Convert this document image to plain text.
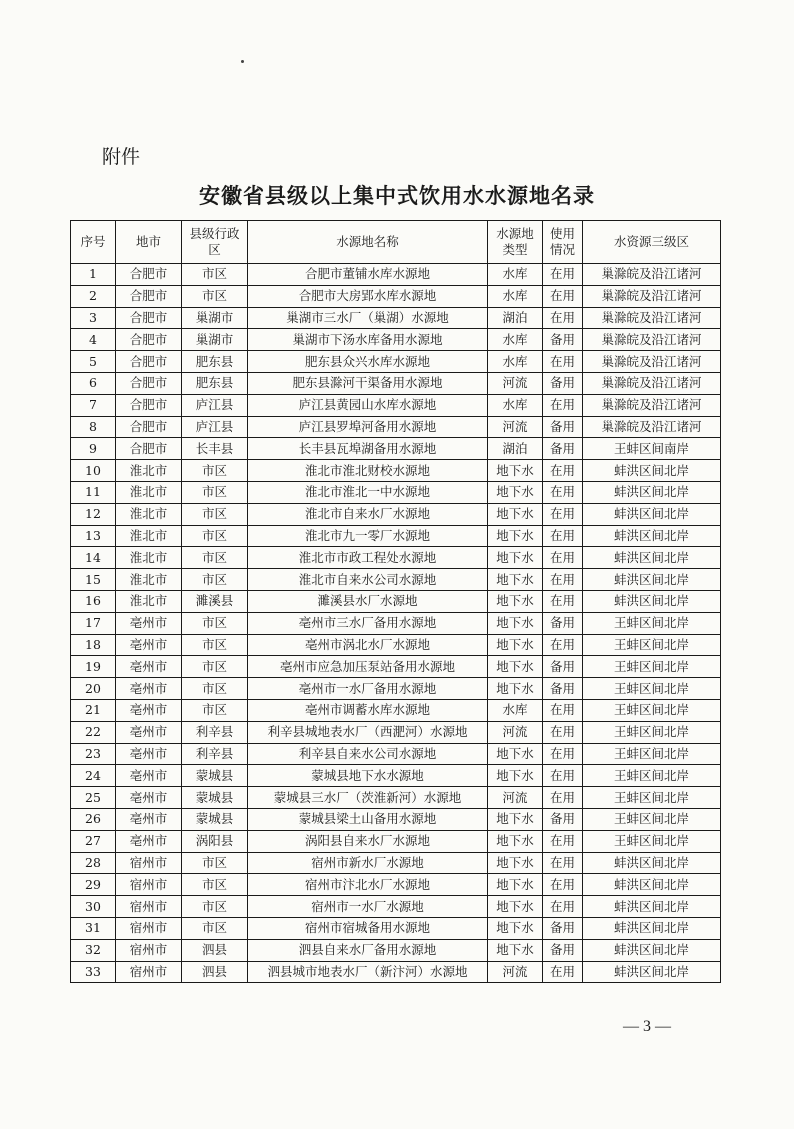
附件
安徽省县级以上集中式饮用水水源地名录
序号	地市	县级行政区	水源地名称	水源地类型	使用情况	水资源三级区
1	合肥市	市区	合肥市董铺水库水源地	水库	在用	巢滁皖及沿江诸河
2	合肥市	市区	合肥市大房郢水库水源地	水库	在用	巢滁皖及沿江诸河
3	合肥市	巢湖市	巢湖市三水厂（巢湖）水源地	湖泊	在用	巢滁皖及沿江诸河
4	合肥市	巢湖市	巢湖市下汤水库备用水源地	水库	备用	巢滁皖及沿江诸河
5	合肥市	肥东县	肥东县众兴水库水源地	水库	在用	巢滁皖及沿江诸河
6	合肥市	肥东县	肥东县滁河干渠备用水源地	河流	备用	巢滁皖及沿江诸河
7	合肥市	庐江县	庐江县黄园山水库水源地	水库	在用	巢滁皖及沿江诸河
8	合肥市	庐江县	庐江县罗埠河备用水源地	河流	备用	巢滁皖及沿江诸河
9	合肥市	长丰县	长丰县瓦埠湖备用水源地	湖泊	备用	王蚌区间南岸
10	淮北市	市区	淮北市淮北财校水源地	地下水	在用	蚌洪区间北岸
11	淮北市	市区	淮北市淮北一中水源地	地下水	在用	蚌洪区间北岸
12	淮北市	市区	淮北市自来水厂水源地	地下水	在用	蚌洪区间北岸
13	淮北市	市区	淮北市九一零厂水源地	地下水	在用	蚌洪区间北岸
14	淮北市	市区	淮北市市政工程处水源地	地下水	在用	蚌洪区间北岸
15	淮北市	市区	淮北市自来水公司水源地	地下水	在用	蚌洪区间北岸
16	淮北市	濉溪县	濉溪县水厂水源地	地下水	在用	蚌洪区间北岸
17	亳州市	市区	亳州市三水厂备用水源地	地下水	备用	王蚌区间北岸
18	亳州市	市区	亳州市涡北水厂水源地	地下水	在用	王蚌区间北岸
19	亳州市	市区	亳州市应急加压泵站备用水源地	地下水	备用	王蚌区间北岸
20	亳州市	市区	亳州市一水厂备用水源地	地下水	备用	王蚌区间北岸
21	亳州市	市区	亳州市调蓄水库水源地	水库	在用	王蚌区间北岸
22	亳州市	利辛县	利辛县城地表水厂（西淝河）水源地	河流	在用	王蚌区间北岸
23	亳州市	利辛县	利辛县自来水公司水源地	地下水	在用	王蚌区间北岸
24	亳州市	蒙城县	蒙城县地下水水源地	地下水	在用	王蚌区间北岸
25	亳州市	蒙城县	蒙城县三水厂（茨淮新河）水源地	河流	在用	王蚌区间北岸
26	亳州市	蒙城县	蒙城县梁土山备用水源地	地下水	备用	王蚌区间北岸
27	亳州市	涡阳县	涡阳县自来水厂水源地	地下水	在用	王蚌区间北岸
28	宿州市	市区	宿州市新水厂水源地	地下水	在用	蚌洪区间北岸
29	宿州市	市区	宿州市汴北水厂水源地	地下水	在用	蚌洪区间北岸
30	宿州市	市区	宿州市一水厂水源地	地下水	在用	蚌洪区间北岸
31	宿州市	市区	宿州市宿城备用水源地	地下水	备用	蚌洪区间北岸
32	宿州市	泗县	泗县自来水厂备用水源地	地下水	备用	蚌洪区间北岸
33	宿州市	泗县	泗县城市地表水厂（新汴河）水源地	河流	在用	蚌洪区间北岸
— 3 —
